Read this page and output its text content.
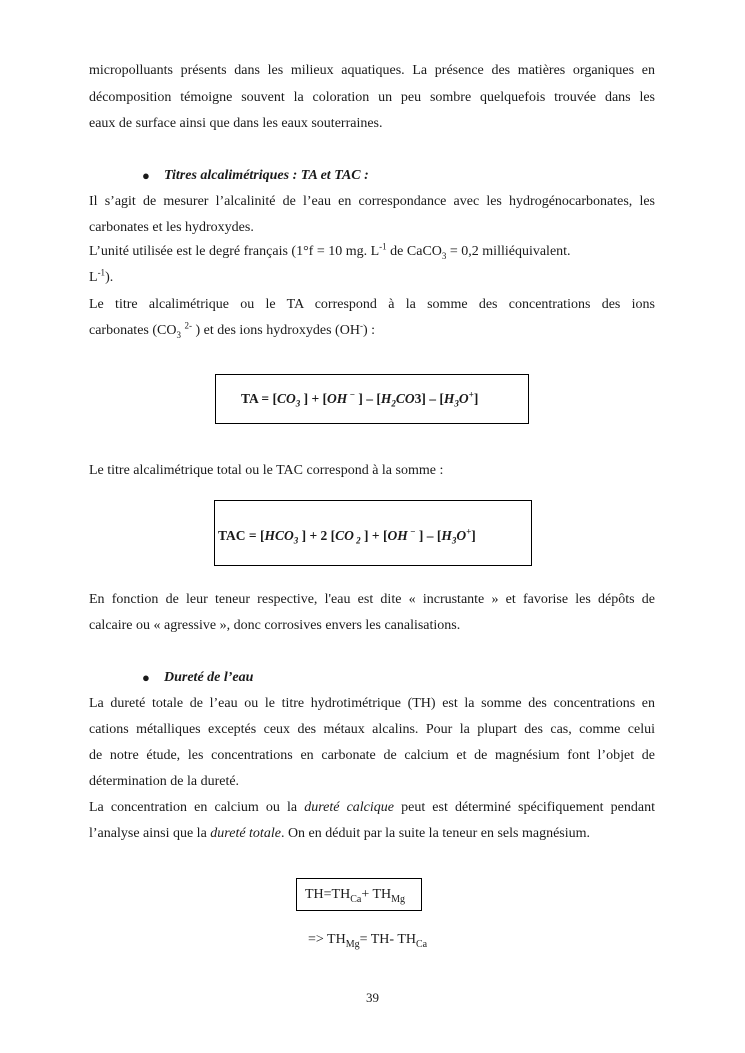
micropolluants présents dans les milieux aquatiques. La présence des matières organiques en
décomposition témoigne souvent la coloration un peu sombre quelquefois trouvée dans les
eaux de surface ainsi que dans les eaux souterraines.
● Titres alcalimétriques : TA et TAC :
Il s’agit de mesurer l’alcalinité de l’eau en correspondance avec les hydrogénocarbonates, les
carbonates et les hydroxydes.
L’unité utilisée est le degré français (1°f = 10 mg. $L^{-1}$ de CaCO$_3$ = 0,2 milliéquivalent.
$L^{-1}$).
Le titre alcalimétrique ou le TA correspond à la somme des concentrations des ions
carbonates ($CO_3$ $^{2-}$ ) et des ions hydroxydes (OH-) :
TA = [$CO_3$ ] + [OH − ] – $[H_2CO3] - [H_3O^+]$
Le titre alcalimétrique total ou le TAC correspond à la somme :
TAC = [$HCO_3$ ] + 2 [CO $_2$ ] + [OH − ] – $[H_3O^+]$
En fonction de leur teneur respective, l'eau est dite « incrustante » et favorise les dépôts de
calcaire ou « agressive », donc corrosives envers les canalisations.
● Dureté de l’eau
La dureté totale de l’eau ou le titre hydrotimétrique (TH) est la somme des concentrations en
cations métalliques exceptés ceux des métaux alcalins. Pour la plupart des cas, comme celui
de notre étude, les concentrations en carbonate de calcium et de magnésium font l’objet de
détermination de la dureté.
La concentration en calcium ou la dureté calcique peut est déterminé spécifiquement pendant
l’analyse ainsi que la dureté totale. On en déduit par la suite la teneur en sels magnésium.
$TH=TH_{Ca}+ TH_{Mg}$
=> $TH_{Mg}= TH-$ $TH_{Ca}$
39
